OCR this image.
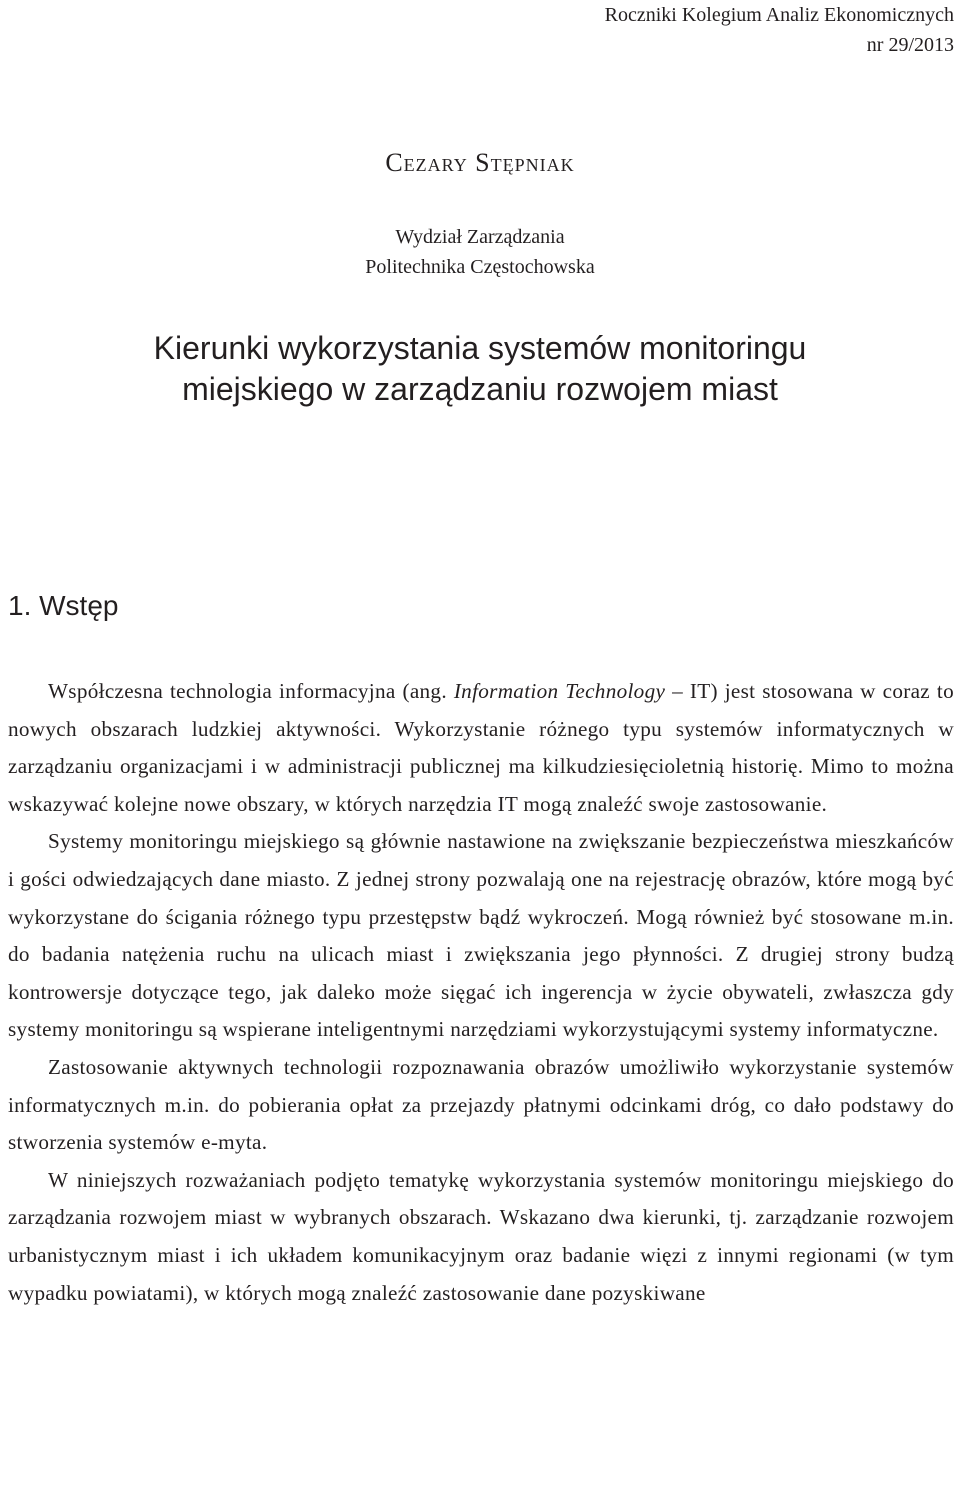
Roczniki Kolegium Analiz Ekonomicznych
nr 29/2013
Cezary Stępniak
Wydział Zarządzania
Politechnika Częstochowska
Kierunki wykorzystania systemów monitoringu
miejskiego w zarządzaniu rozwojem miast
1. Wstęp

Współczesna technologia informacyjna (ang. Information Technology – IT) jest stosowana w coraz to nowych obszarach ludzkiej aktywności. Wykorzystanie różnego typu systemów informatycznych w zarządzaniu organizacjami i w administracji publicznej ma kilkudziesięcioletnią historię. Mimo to można wskazywać kolejne nowe obszary, w których narzędzia IT mogą znaleźć swoje zastosowanie.

Systemy monitoringu miejskiego są głównie nastawione na zwiększanie bezpieczeństwa mieszkańców i gości odwiedzających dane miasto. Z jednej strony pozwalają one na rejestrację obrazów, które mogą być wykorzystane do ścigania różnego typu przestępstw bądź wykroczeń. Mogą również być stosowane m.in. do badania natężenia ruchu na ulicach miast i zwiększania jego płynności. Z drugiej strony budzą kontrowersje dotyczące tego, jak daleko może sięgać ich ingerencja w życie obywateli, zwłaszcza gdy systemy monitoringu są wspierane inteligentnymi narzędziami wykorzystującymi systemy informatyczne.

Zastosowanie aktywnych technologii rozpoznawania obrazów umożliwiło wykorzystanie systemów informatycznych m.in. do pobierania opłat za przejazdy płatnymi odcinkami dróg, co dało podstawy do stworzenia systemów e-myta.

W niniejszych rozważaniach podjęto tematykę wykorzystania systemów monitoringu miejskiego do zarządzania rozwojem miast w wybranych obszarach. Wskazano dwa kierunki, tj. zarządzanie rozwojem urbanistycznym miast i ich układem komunikacyjnym oraz badanie więzi z innymi regionami (w tym wypadku powiatami), w których mogą znaleźć zastosowanie dane pozyskiwane
